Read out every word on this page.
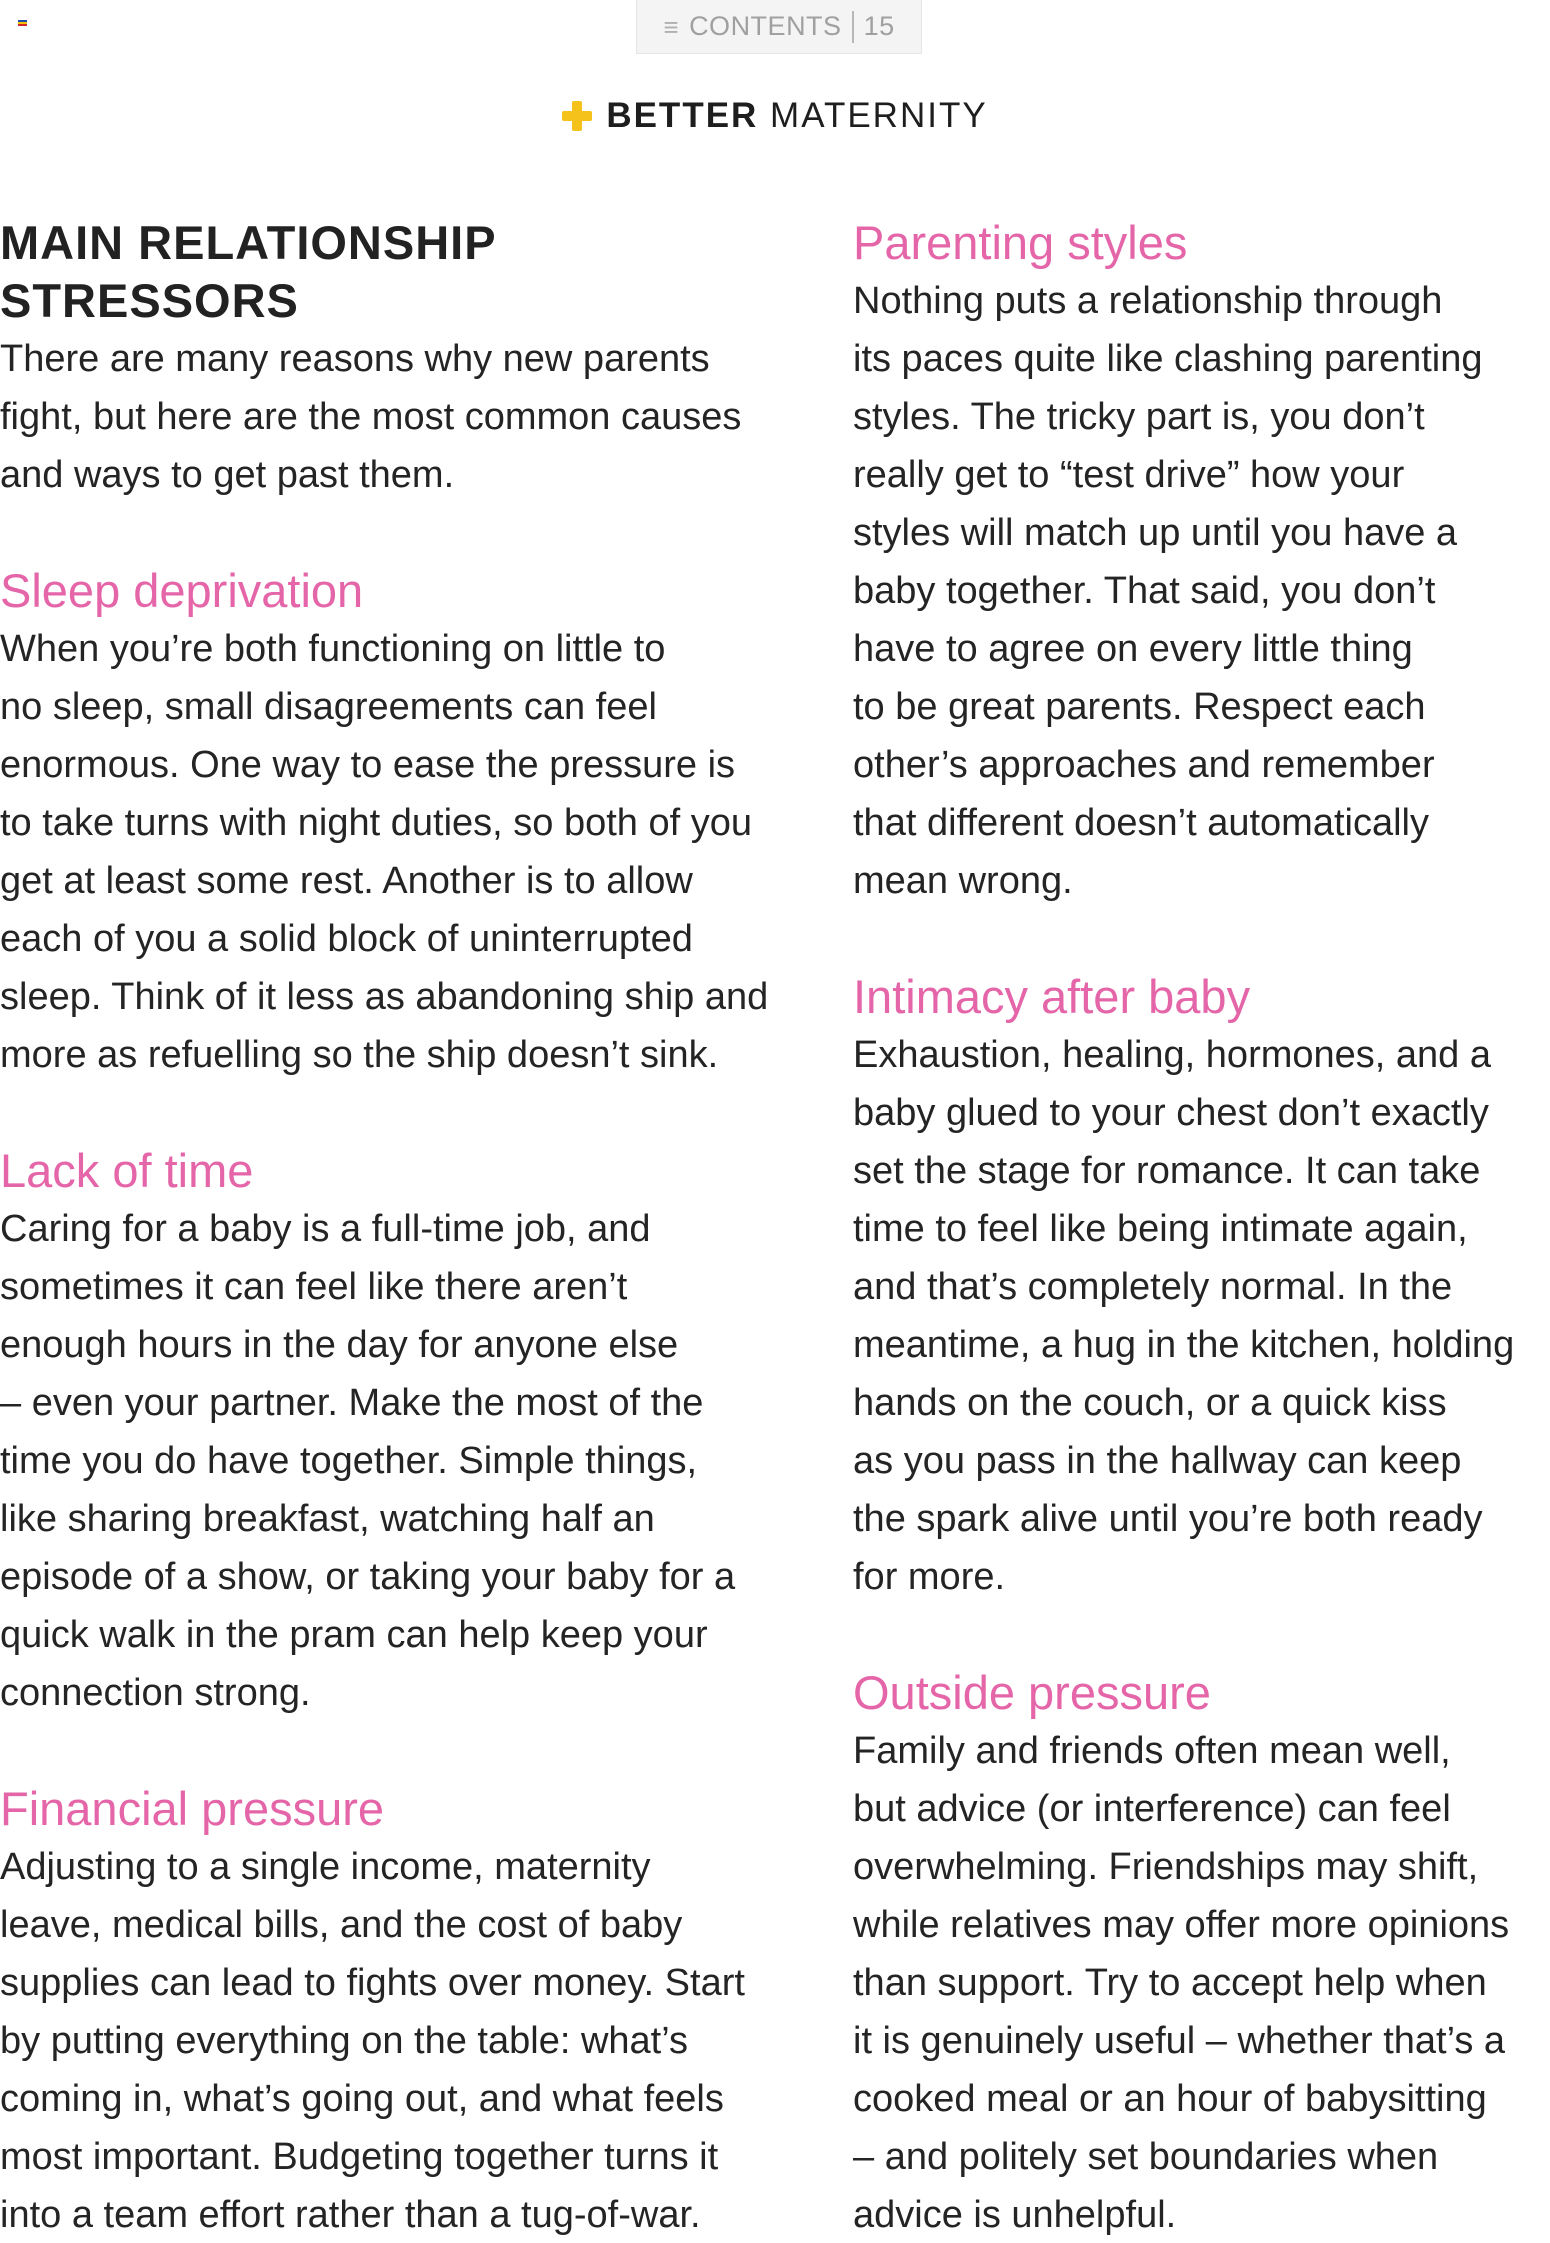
≡ CONTENTS 15
BETTER MATERNITY
MAIN RELATIONSHIP
STRESSORS

There are many reasons why new parents
fight, but here are the most common causes
and ways to get past them.

Sleep deprivation

When you’re both functioning on little to
no sleep, small disagreements can feel
enormous. One way to ease the pressure is
to take turns with night duties, so both of you
get at least some rest. Another is to allow
each of you a solid block of uninterrupted
sleep. Think of it less as abandoning ship and
more as refuelling so the ship doesn’t sink.

Lack of time

Caring for a baby is a full-time job, and
sometimes it can feel like there aren’t
enough hours in the day for anyone else
– even your partner. Make the most of the
time you do have together. Simple things,
like sharing breakfast, watching half an
episode of a show, or taking your baby for a
quick walk in the pram can help keep your
connection strong.

Financial pressure

Adjusting to a single income, maternity
leave, medical bills, and the cost of baby
supplies can lead to fights over money. Start
by putting everything on the table: what’s
coming in, what’s going out, and what feels
most important. Budgeting together turns it
into a team effort rather than a tug-of-war.

Parenting styles

Nothing puts a relationship through
its paces quite like clashing parenting
styles. The tricky part is, you don’t
really get to “test drive” how your
styles will match up until you have a
baby together. That said, you don’t
have to agree on every little thing
to be great parents. Respect each
other’s approaches and remember
that different doesn’t automatically
mean wrong.

Intimacy after baby

Exhaustion, healing, hormones, and a
baby glued to your chest don’t exactly
set the stage for romance. It can take
time to feel like being intimate again,
and that’s completely normal. In the
meantime, a hug in the kitchen, holding
hands on the couch, or a quick kiss
as you pass in the hallway can keep
the spark alive until you’re both ready
for more.

Outside pressure

Family and friends often mean well,
but advice (or interference) can feel
overwhelming. Friendships may shift,
while relatives may offer more opinions
than support. Try to accept help when
it is genuinely useful – whether that’s a
cooked meal or an hour of babysitting
– and politely set boundaries when
advice is unhelpful.
